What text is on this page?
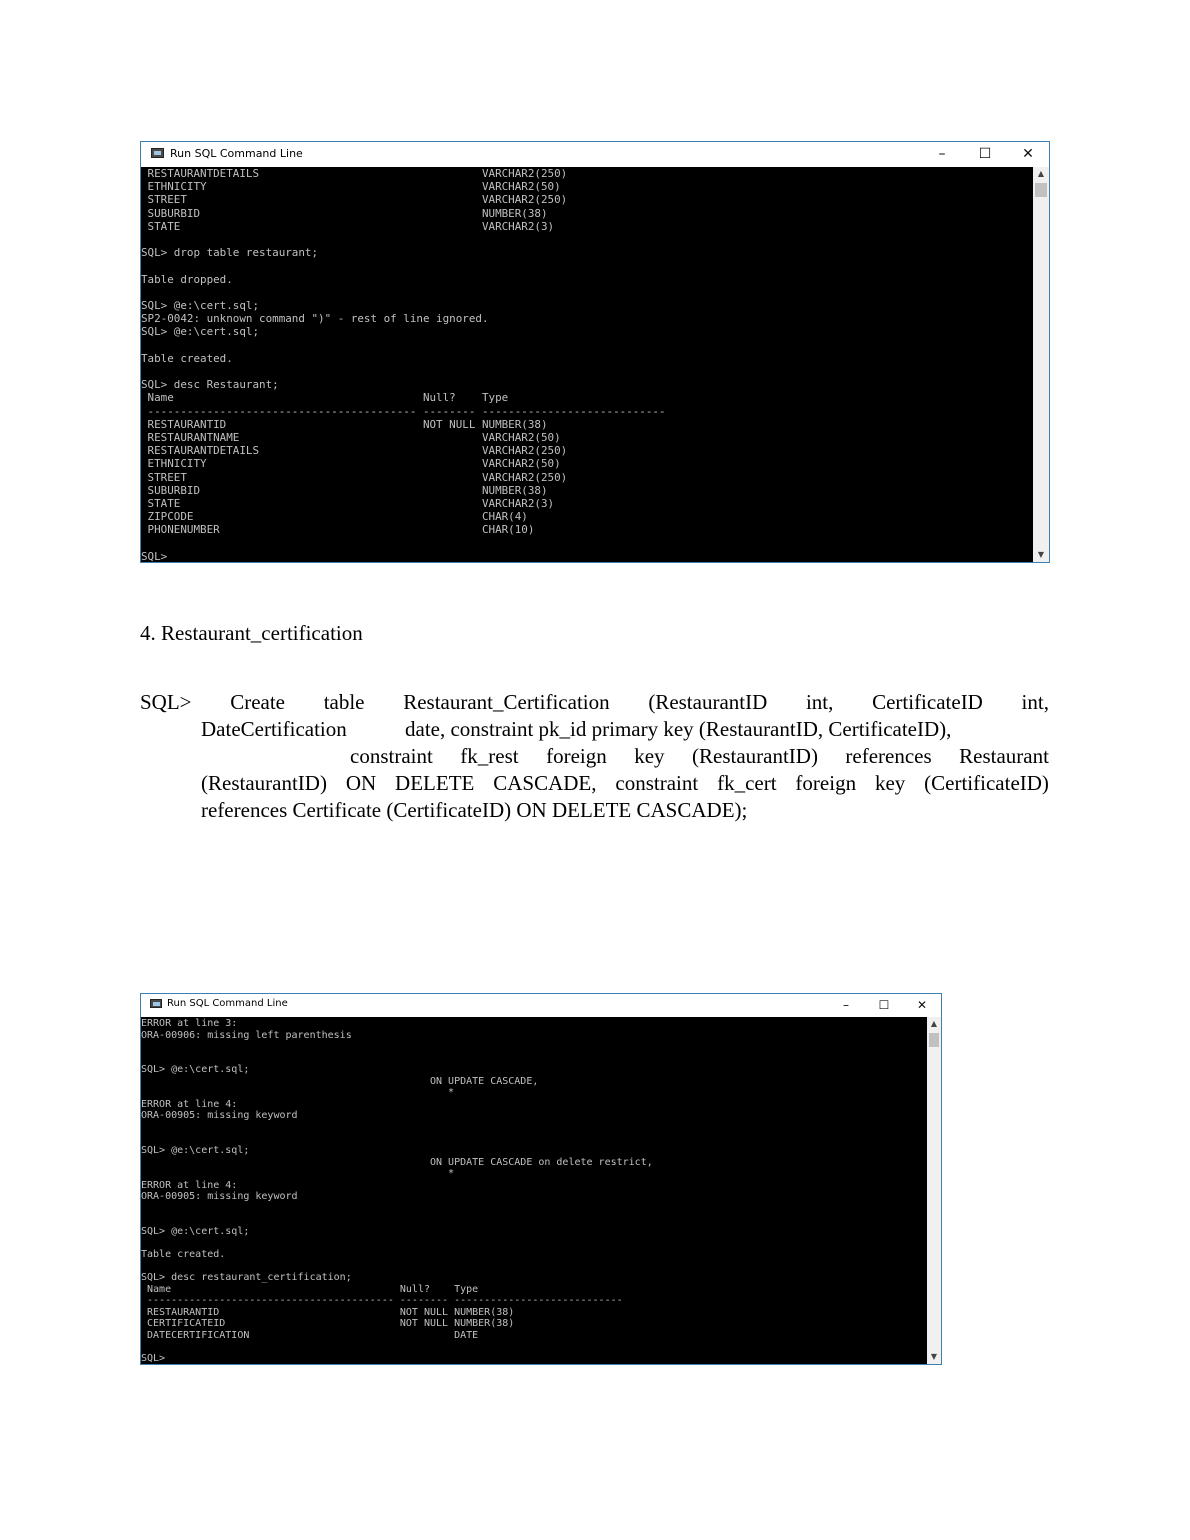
Run SQL Command Line	–	☐	✕
RESTAURANTDETAILS                                  VARCHAR2(250)
ETHNICITY                                          VARCHAR2(50)
STREET                                             VARCHAR2(250)
SUBURBID                                           NUMBER(38)
STATE                                              VARCHAR2(3)

SQL> drop table restaurant;

Table dropped.

SQL> @e:\cert.sql;
SP2-0042: unknown command ")" - rest of line ignored.
SQL> @e:\cert.sql;

Table created.

SQL> desc Restaurant;
Name                                      Null?    Type
----------------------------------------- -------- ----------------------------
RESTAURANTID                              NOT NULL NUMBER(38)
RESTAURANTNAME                                     VARCHAR2(50)
RESTAURANTDETAILS                                  VARCHAR2(250)
ETHNICITY                                          VARCHAR2(50)
STREET                                             VARCHAR2(250)
SUBURBID                                           NUMBER(38)
STATE                                              VARCHAR2(3)
ZIPCODE                                            CHAR(4)
PHONENUMBER                                        CHAR(10)

SQL>
▲
▼
4. Restaurant_certification
SQL> Create table Restaurant_Certification (RestaurantID int, CertificateID int,
DateCertification	date, constraint pk_id primary key (RestaurantID, CertificateID),
constraint fk_rest foreign key (RestaurantID) references Restaurant
(RestaurantID) ON DELETE CASCADE, constraint fk_cert foreign key (CertificateID)
references Certificate (CertificateID) ON DELETE CASCADE);
Run SQL Command Line	–	☐	✕
ERROR at line 3:
ORA-00906: missing left parenthesis

SQL> @e:\cert.sql;
ON UPDATE CASCADE,
*
ERROR at line 4:
ORA-00905: missing keyword

SQL> @e:\cert.sql;
ON UPDATE CASCADE on delete restrict,
*
ERROR at line 4:
ORA-00905: missing keyword

SQL> @e:\cert.sql;

Table created.

SQL> desc restaurant_certification;
Name                                      Null?    Type
----------------------------------------- -------- ----------------------------
RESTAURANTID                              NOT NULL NUMBER(38)
CERTIFICATEID                             NOT NULL NUMBER(38)
DATECERTIFICATION                                  DATE

SQL>
▲
▼
